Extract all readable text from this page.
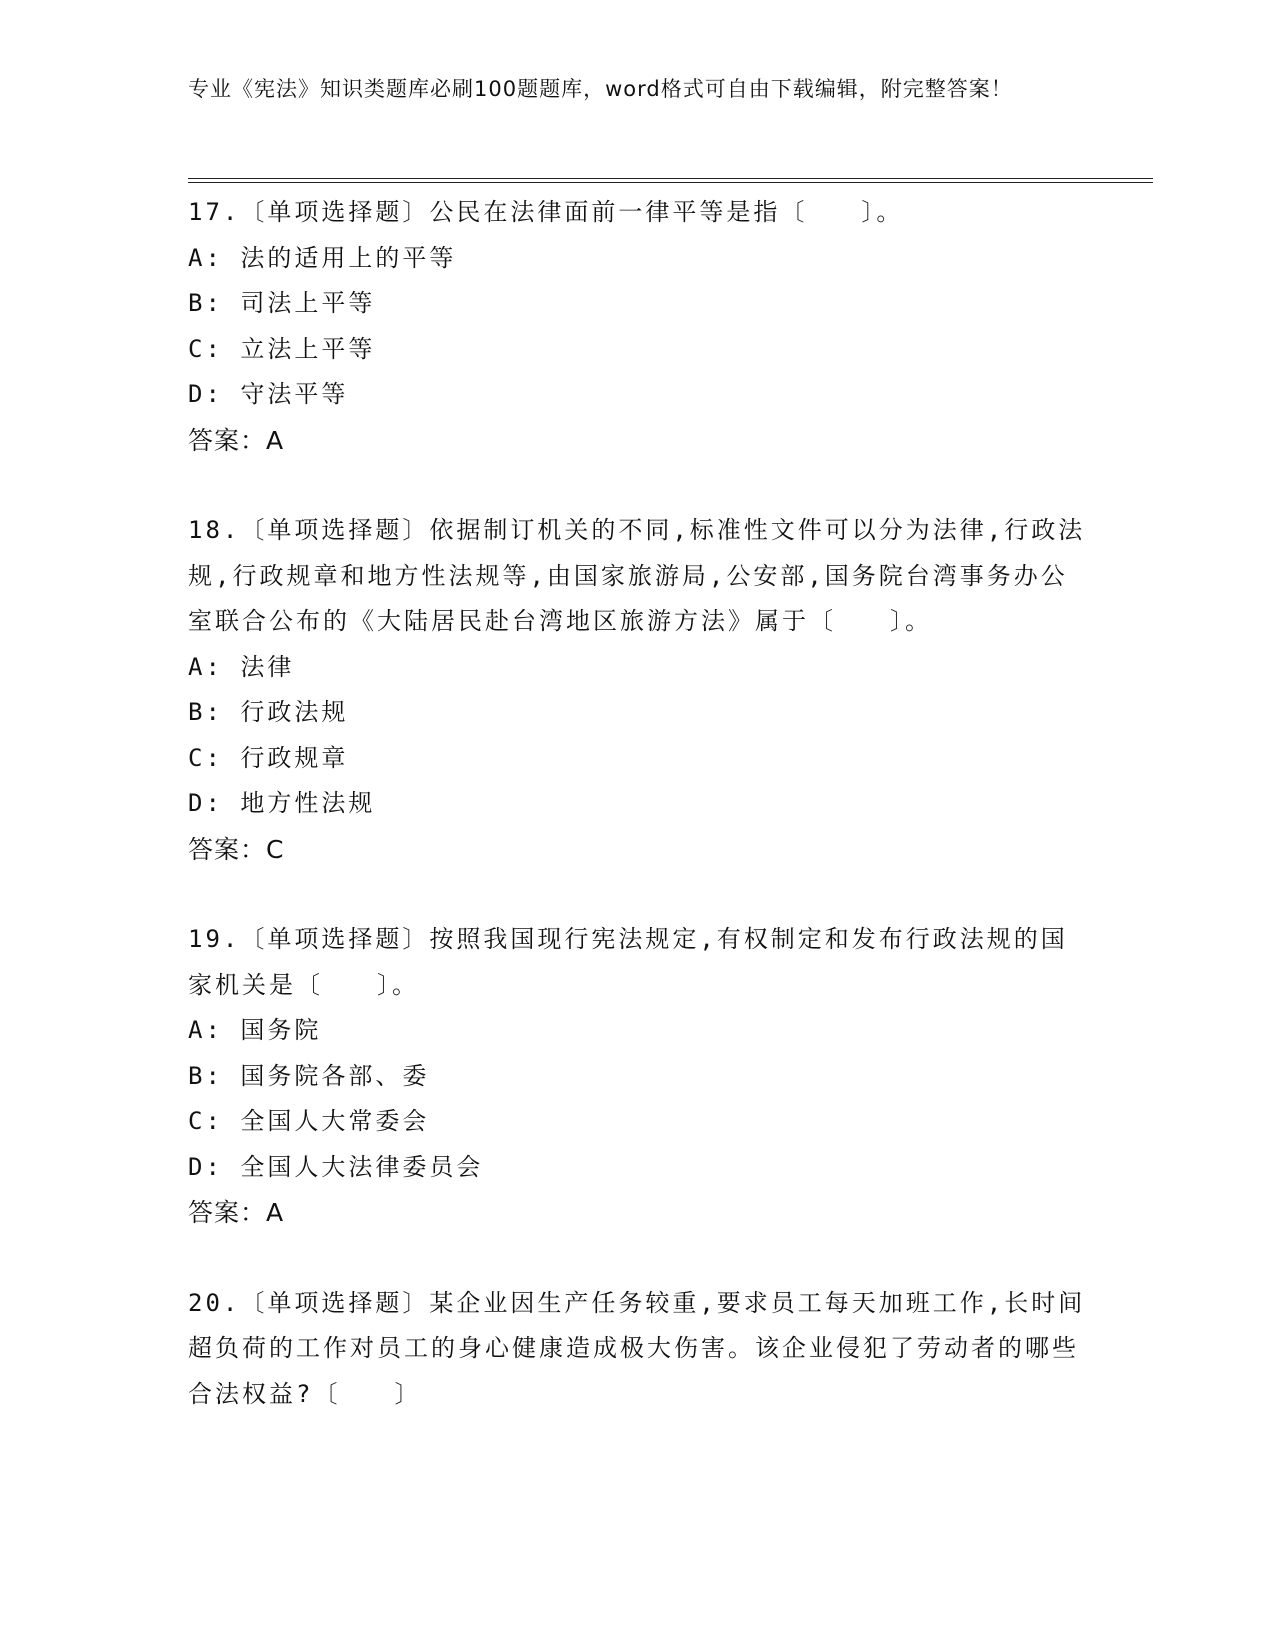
专业《宪法》知识类题库必刷100题题库，word格式可自由下载编辑，附完整答案！

17.〔单项选择题〕公民在法律面前一律平等是指〔　　〕。

A: 法的适用上的平等

B: 司法上平等

C: 立法上平等

D: 守法平等

答案：A

18.〔单项选择题〕依据制订机关的不同,标准性文件可以分为法律,行政法规,行政规章和地方性法规等,由国家旅游局,公安部,国务院台湾事务办公室联合公布的《大陆居民赴台湾地区旅游方法》属于〔　　〕。

A: 法律

B: 行政法规

C: 行政规章

D: 地方性法规

答案：C

19.〔单项选择题〕按照我国现行宪法规定,有权制定和发布行政法规的国家机关是〔　　〕。

A: 国务院

B: 国务院各部、委

C: 全国人大常委会

D: 全国人大法律委员会

答案：A

20.〔单项选择题〕某企业因生产任务较重,要求员工每天加班工作,长时间超负荷的工作对员工的身心健康造成极大伤害。该企业侵犯了劳动者的哪些合法权益?〔　　〕
